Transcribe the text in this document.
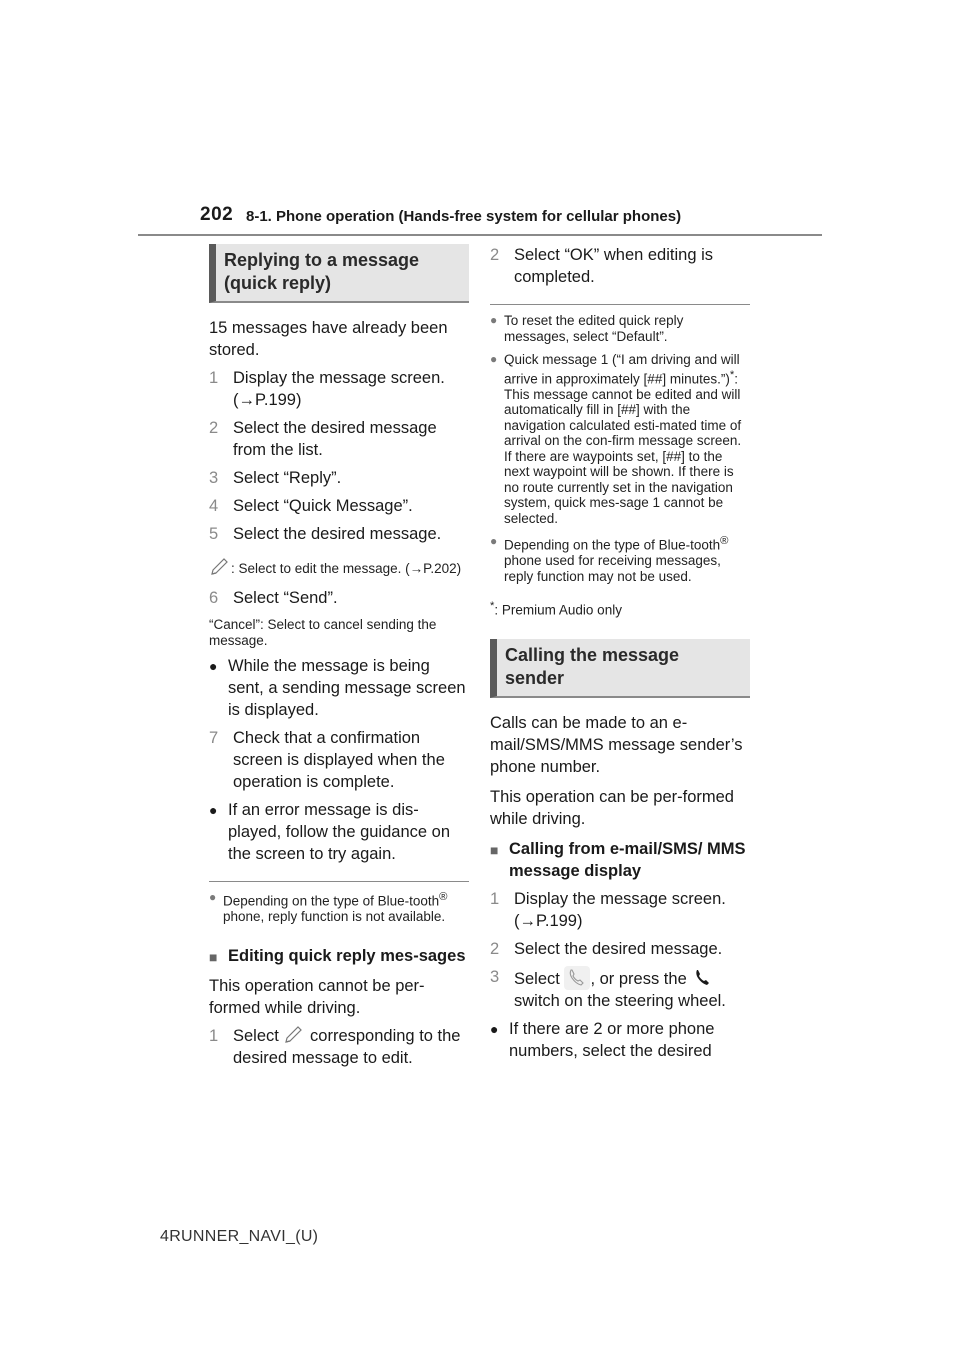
202 8-1. Phone operation (Hands-free system for cellular phones)
Replying to a message (quick reply)
15 messages have already been stored.
1 Display the message screen. (→P.199)
2 Select the desired message from the list.
3 Select “Reply”.
4 Select “Quick Message”.
5 Select the desired message.
: Select to edit the message. (→P.202)
6 Select “Send”.
“Cancel”: Select to cancel sending the message.
● While the message is being sent, a sending message screen is displayed.
7 Check that a confirmation screen is displayed when the operation is complete.
● If an error message is dis-played, follow the guidance on the screen to try again.
● Depending on the type of Blue-tooth® phone, reply function is not available.
■ Editing quick reply mes-sages
This operation cannot be per-formed while driving.
1 Select  corresponding to the desired message to edit.
2 Select “OK” when editing is completed.
● To reset the edited quick reply messages, select “Default”.
● Quick message 1 (“I am driving and will arrive in approximately [##] minutes.”)*: This message cannot be edited and will automatically fill in [##] with the navigation calculated esti-mated time of arrival on the con-firm message screen. If there are waypoints set, [##] to the next waypoint will be shown. If there is no route currently set in the navigation system, quick mes-sage 1 cannot be selected.
● Depending on the type of Blue-tooth® phone used for receiving messages, reply function may not be used.
*: Premium Audio only
Calling the message sender
Calls can be made to an e-mail/SMS/MMS message sender’s phone number.
This operation can be per-formed while driving.
■ Calling from e-mail/SMS/ MMS message display
1 Display the message screen. (→P.199)
2 Select the desired message.
3 Select , or press the  switch on the steering wheel.
● If there are 2 or more phone numbers, select the desired
4RUNNER_NAVI_(U)
